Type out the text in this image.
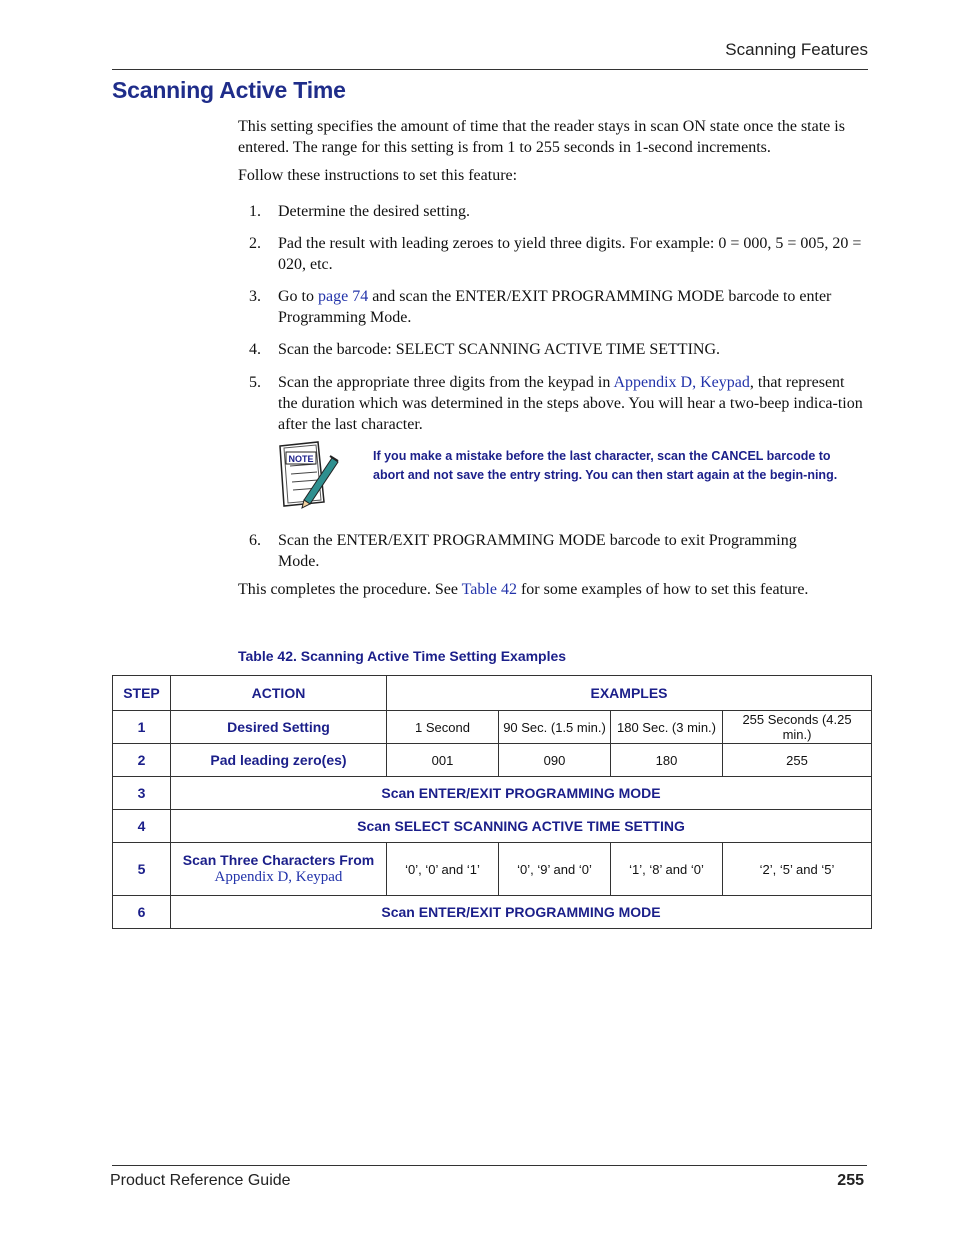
Scanning Features
Scanning Active Time
This setting specifies the amount of time that the reader stays in scan ON state once the state is entered. The range for this setting is from 1 to 255 seconds in 1-second increments.
Follow these instructions to set this feature:
1. Determine the desired setting.
2. Pad the result with leading zeroes to yield three digits. For example: 0 = 000, 5 = 005, 20 = 020, etc.
3. Go to page 74 and scan the ENTER/EXIT PROGRAMMING MODE barcode to enter Programming Mode.
4. Scan the barcode: SELECT SCANNING ACTIVE TIME SETTING.
5. Scan the appropriate three digits from the keypad in Appendix D, Keypad, that represent the duration which was determined in the steps above. You will hear a two-beep indica-tion after the last character.
6. Scan the ENTER/EXIT PROGRAMMING MODE barcode to exit Programming Mode.
NOTE	If you make a mistake before the last character, scan the CANCEL barcode to abort and not save the entry string. You can then start again at the begin-ning.
This completes the procedure. See Table 42 for some examples of how to set this feature.
Table 42. Scanning Active Time Setting Examples
STEP	ACTION	EXAMPLES			
1	Desired Setting	1 Second	90 Sec. (1.5 min.)	180 Sec. (3 min.)	255 Seconds (4.25 min.)
2	Pad leading zero(es)	001	090	180	255
3	Scan ENTER/EXIT PROGRAMMING MODE				
4	Scan SELECT SCANNING ACTIVE TIME SETTING				
5	Scan Three Characters From
Appendix D, Keypad	‘0’, ‘0’ and ‘1’	‘0’, ‘9’ and ‘0’	‘1’, ‘8’ and ‘0’	‘2’, ‘5’ and ‘5’
6	Scan ENTER/EXIT PROGRAMMING MODE				
Product Reference Guide	255
